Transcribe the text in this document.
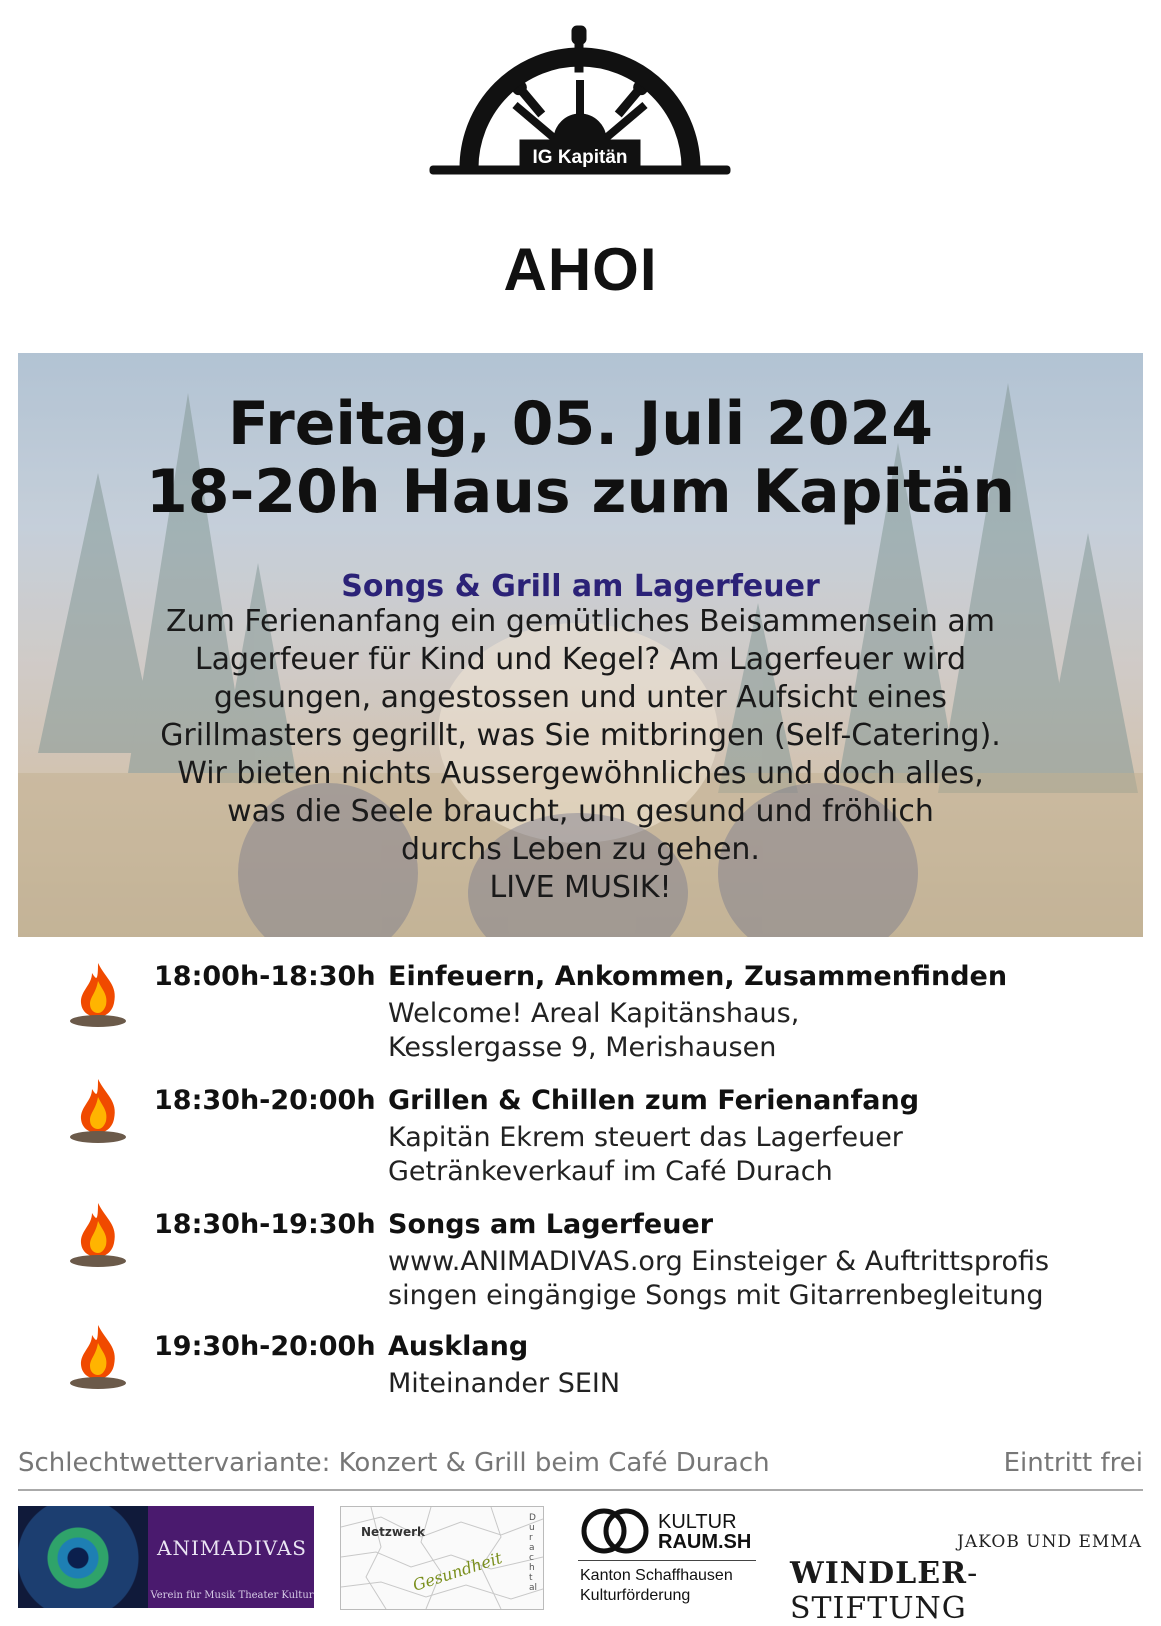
IG Kapitän
AHOI
Freitag, 05. Juli 2024
18-20h Haus zum Kapitän
Songs & Grill am Lagerfeuer
Zum Ferienanfang ein gemütliches Beisammensein am
Lagerfeuer für Kind und Kegel? Am Lagerfeuer wird
gesungen, angestossen und unter Aufsicht eines
Grillmasters gegrillt, was Sie mitbringen (Self-Catering).
Wir bieten nichts Aussergewöhnliches und doch alles,
was die Seele braucht, um gesund und fröhlich
durchs Leben zu gehen.
LIVE MUSIK!
18:00h-18:30h Einfeuern, Ankommen, Zusammenfinden
Welcome! Areal Kapitänshaus,
Kesslergasse 9, Merishausen
18:30h-20:00h Grillen & Chillen zum Ferienanfang
Kapitän Ekrem steuert das Lagerfeuer
Getränkeverkauf im Café Durach
18:30h-19:30h Songs am Lagerfeuer
www.ANIMADIVAS.org Einsteiger & Auftrittsprofis
singen eingängige Songs mit Gitarrenbegleitung
19:30h-20:00h Ausklang
Miteinander SEIN
Schlechtwettervariante: Konzert & Grill beim Café Durach	Eintritt frei
ANIMADIVAS
Verein für Musik Theater Kultur
Netzwerk
Gesundheit
Durachtal
KULTUR
RAUM.SH
Kanton Schaffhausen
Kulturförderung
JAKOB UND EMMA
WINDLER-STIFTUNG
